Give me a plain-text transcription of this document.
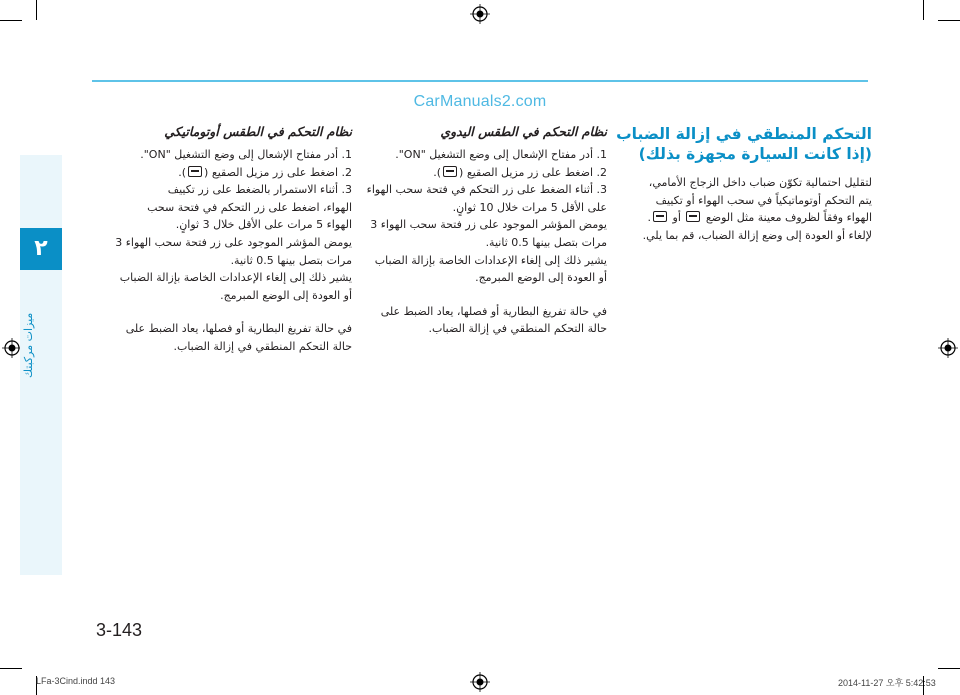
CarManuals2.com
٢
ميزات مركبتك

التحكم المنطقي في إزالة الضباب (إذا كانت السيارة مجهزة بذلك)

لتقليل احتمالية تكوّن ضباب داخل الزجاج الأمامي،

يتم التحكم أوتوماتيكياً في سحب الهواء أو تكييف

الهواء وفقاً لظروف معينة مثل الوضع  أو .

لإلغاء أو العودة إلى وضع إزالة الضباب، قم بما يلي.

نظام التحكم في الطقس اليدوي

1. أدر مفتاح الإشعال إلى وضع التشغيل "ON".

2. اضغط على زر مزيل الصقيع ().

3. أثناء الضغط على زر التحكم في فتحة سحب الهواء

على الأقل 5 مرات خلال 10 ثوانٍ.

يومض المؤشر الموجود على زر فتحة سحب الهواء 3

مرات بتصل بينها 0.5 ثانية.

يشير ذلك إلى إلغاء الإعدادات الخاصة بإزالة الضباب

أو العودة إلى الوضع المبرمج.

في حالة تفريغ البطارية أو فصلها، يعاد الضبط على

حالة التحكم المنطقي في إزالة الضباب.

نظام التحكم في الطقس أوتوماتيكي

1. أدر مفتاح الإشعال إلى وضع التشغيل "ON".

2. اضغط على زر مزيل الصقيع ().

3. أثناء الاستمرار بالضغط على زر تكييف

الهواء، اضغط على زر التحكم في فتحة سحب

الهواء 5 مرات على الأقل خلال 3 ثوانٍ.

يومض المؤشر الموجود على زر فتحة سحب الهواء 3

مرات بتصل بينها 0.5 ثانية.

يشير ذلك إلى إلغاء الإعدادات الخاصة بإزالة الضباب

أو العودة إلى الوضع المبرمج.

في حالة تفريغ البطارية أو فصلها، يعاد الضبط على

حالة التحكم المنطقي في إزالة الضباب.

3-143
LFa-3Cind.indd 143	2014-11-27 오후 5:42:53
